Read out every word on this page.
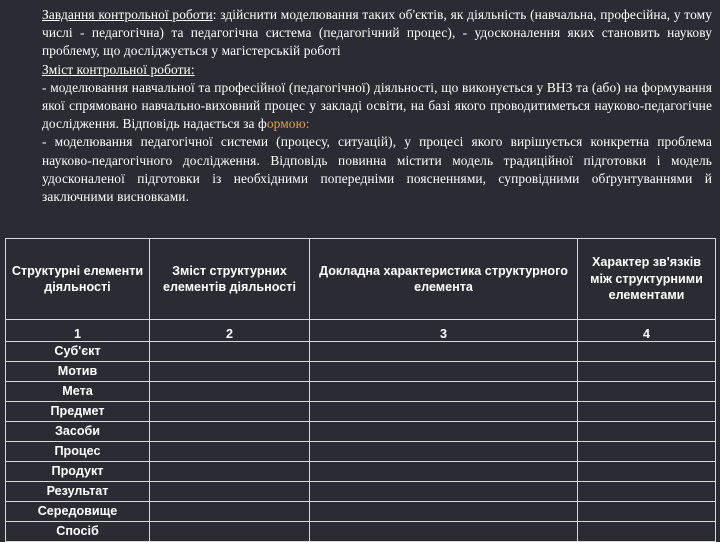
Завдання контрольної роботи: здійснити моделювання таких об'єктів, як діяльність (навчальна, професійна, у тому числі - педагогічна) та педагогічна система (педагогічний процес), - удосконалення яких становить наукову проблему, що досліджується у магістерській роботі

Зміст контрольної роботи:

- моделювання навчальної та професійної (педагогічної) діяльності, що виконується у ВНЗ та (або) на формування якої спрямовано навчально-виховний процес у закладі освіти, на базі якого проводитиметься науково-педагогічне дослідження. Відповідь надається за формою:

- моделювання педагогічної системи (процесу, ситуацій), у процесі якого вирішується конкретна проблема науково-педагогічного дослідження. Відповідь повинна містити модель традиційної підготовки і модель удосконаленої підготовки із необхідними попередніми поясненнями, супровідними обґрунтуваннями й заключними висновками.

Структурні елементи діяльності	Зміст структурних елементів діяльності	Докладна характеристика структурного елемента	Характер зв'язків між структурними елементами
1	2	3	4
Суб'єкт			
Мотив			
Мета			
Предмет			
Засоби			
Процес			
Продукт			
Результат			
Середовище			
Спосіб			
